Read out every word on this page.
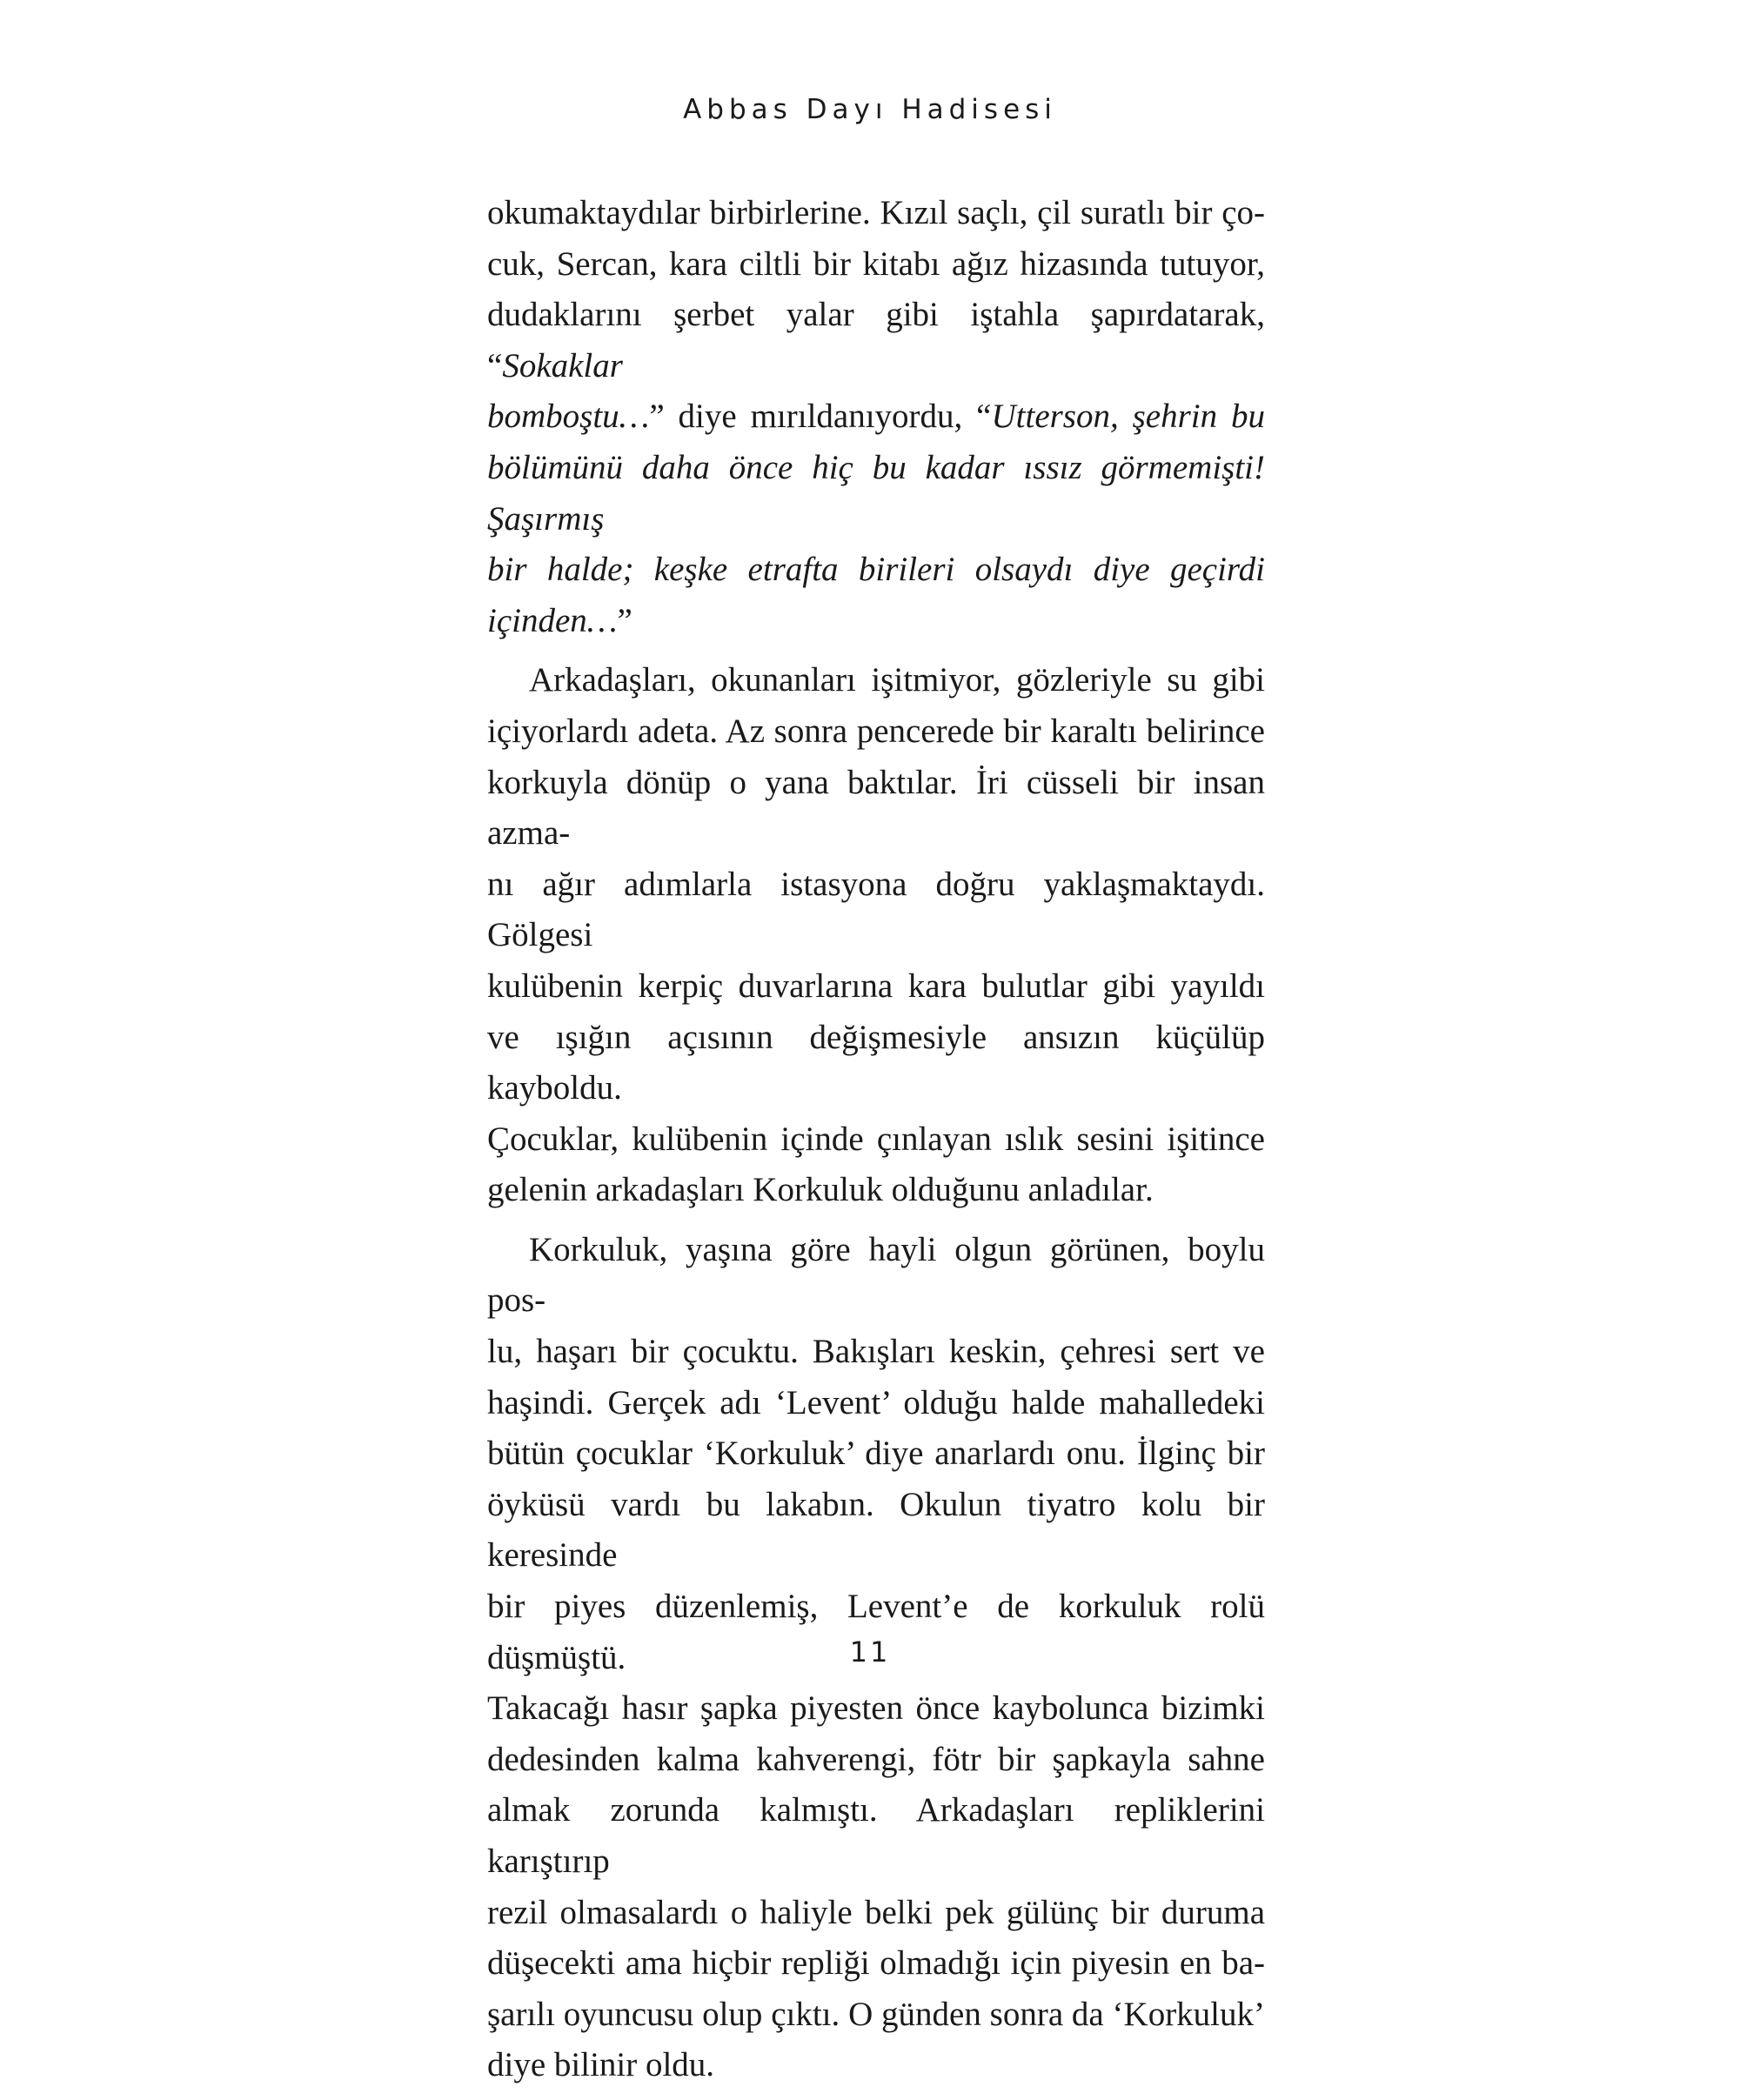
Abbas Dayı Hadisesi

okumaktaydılar birbirlerine. Kızıl saçlı, çil suratlı bir ço-

cuk, Sercan, kara ciltli bir kitabı ağız hizasında tutuyor,

dudaklarını şerbet yalar gibi iştahla şapırdatarak, “Sokaklar

bomboştu…” diye mırıldanıyordu, “Utterson, şehrin bu

bölümünü daha önce hiç bu kadar ıssız görmemişti! Şaşırmış

bir halde; keşke etrafta birileri olsaydı diye geçirdi içinden…”

Arkadaşları, okunanları işitmiyor, gözleriyle su gibi

içiyorlardı adeta. Az sonra pencerede bir karaltı belirince

korkuyla dönüp o yana baktılar. İri cüsseli bir insan azma-

nı ağır adımlarla istasyona doğru yaklaşmaktaydı. Gölgesi

kulübenin kerpiç duvarlarına kara bulutlar gibi yayıldı

ve ışığın açısının değişmesiyle ansızın küçülüp kayboldu.

Çocuklar, kulübenin içinde çınlayan ıslık sesini işitince

gelenin arkadaşları Korkuluk olduğunu anladılar.

Korkuluk, yaşına göre hayli olgun görünen, boylu pos-

lu, haşarı bir çocuktu. Bakışları keskin, çehresi sert ve

haşindi. Gerçek adı ‘Levent’ olduğu halde mahalledeki

bütün çocuklar ‘Korkuluk’ diye anarlardı onu. İlginç bir

öyküsü vardı bu lakabın. Okulun tiyatro kolu bir keresinde

bir piyes düzenlemiş, Levent’e de korkuluk rolü düşmüştü.

Takacağı hasır şapka piyesten önce kaybolunca bizimki

dedesinden kalma kahverengi, fötr bir şapkayla sahne

almak zorunda kalmıştı. Arkadaşları repliklerini karıştırıp

rezil olmasalardı o haliyle belki pek gülünç bir duruma

düşecekti ama hiçbir repliği olmadığı için piyesin en ba-

şarılı oyuncusu olup çıktı. O günden sonra da ‘Korkuluk’

diye bilinir oldu.

11
